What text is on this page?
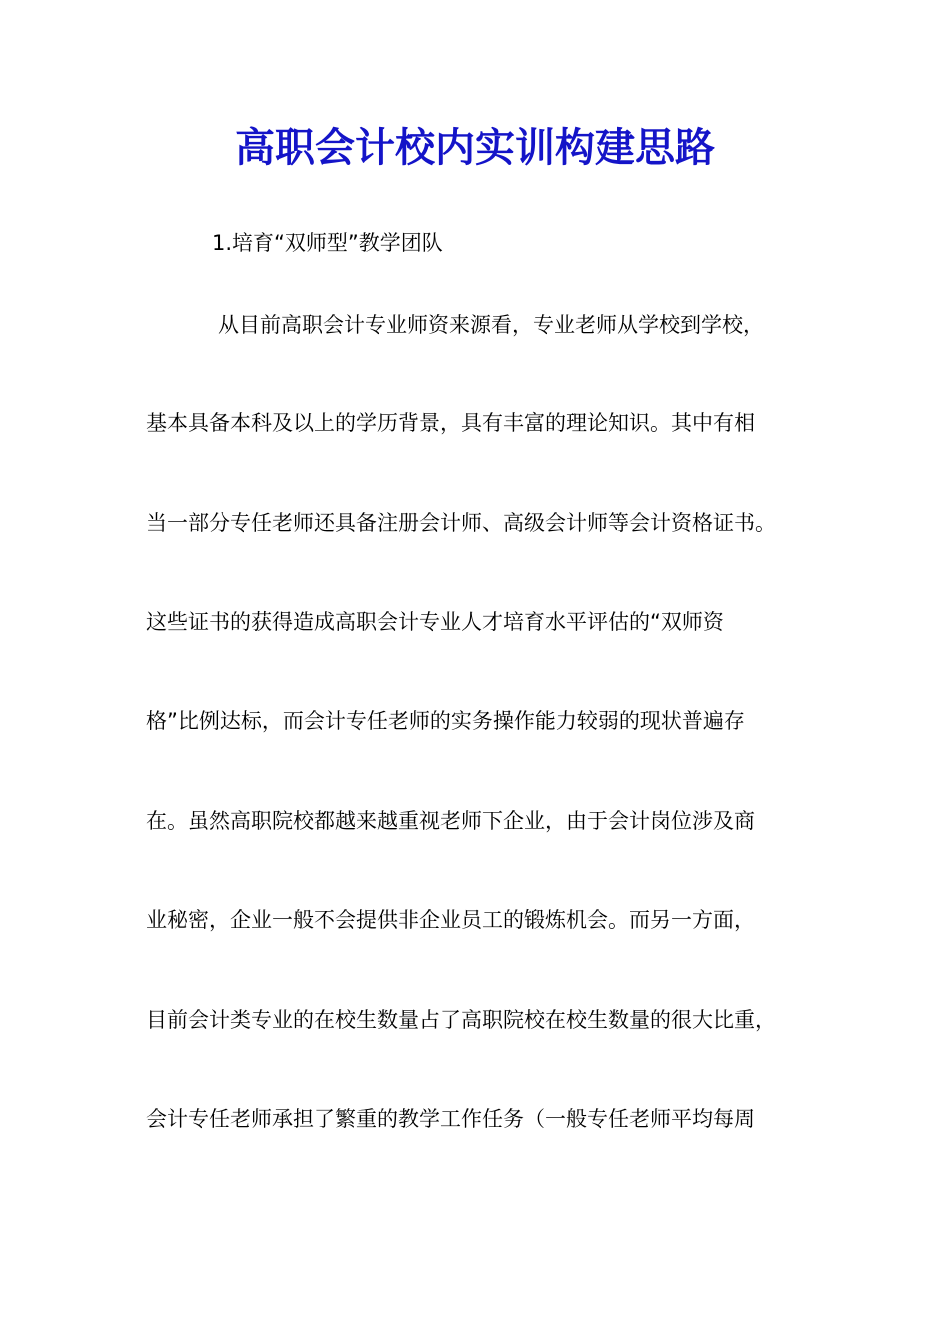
高职会计校内实训构建思路

1.培育“双师型”教学团队

从目前高职会计专业师资来源看，专业老师从学校到学校，

基本具备本科及以上的学历背景，具有丰富的理论知识。其中有相

当一部分专任老师还具备注册会计师、高级会计师等会计资格证书。

这些证书的获得造成高职会计专业人才培育水平评估的“双师资

格”比例达标，而会计专任老师的实务操作能力较弱的现状普遍存

在。虽然高职院校都越来越重视老师下企业，由于会计岗位涉及商

业秘密，企业一般不会提供非企业员工的锻炼机会。而另一方面，

目前会计类专业的在校生数量占了高职院校在校生数量的很大比重，

会计专任老师承担了繁重的教学工作任务（一般专任老师平均每周
